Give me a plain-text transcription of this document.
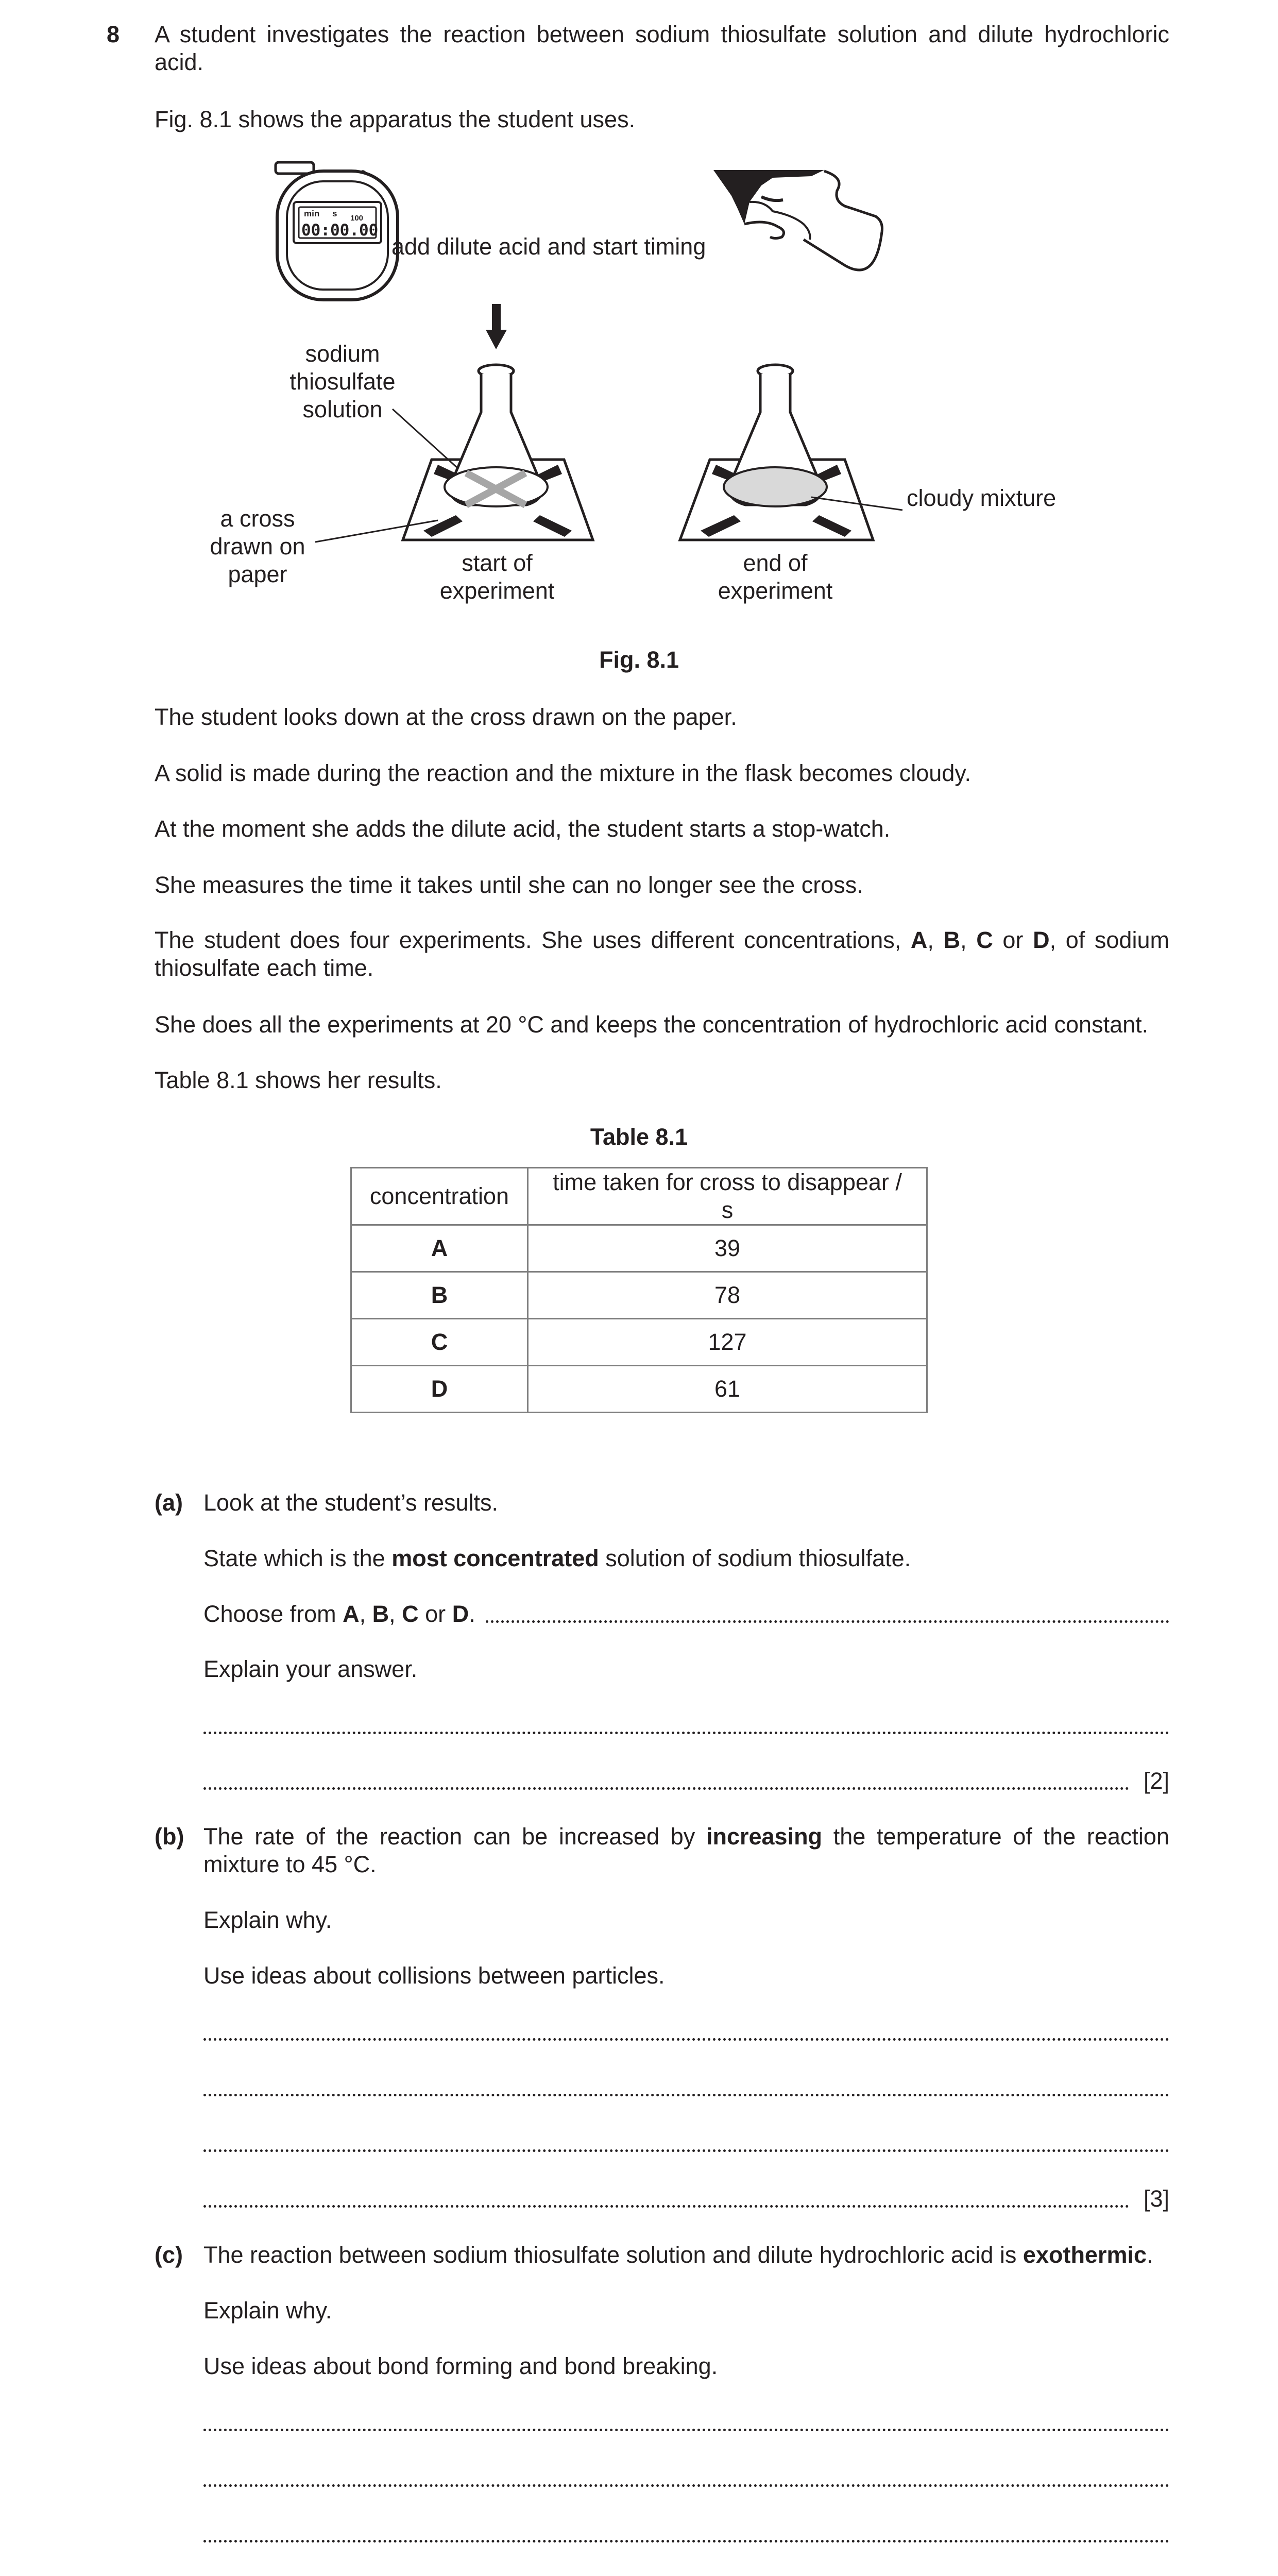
8 A student investigates the reaction between sodium thiosulfate solution and dilute hydrochloric acid.
Fig. 8.1 shows the apparatus the student uses.
min s 100
00:00.00
add dilute acid and start timing
sodium thiosulfate solution
a cross drawn on paper	start of experiment
end of experiment
cloudy mixture
Fig. 8.1
The student looks down at the cross drawn on the paper.
A solid is made during the reaction and the mixture in the flask becomes cloudy.
At the moment she adds the dilute acid, the student starts a stop-watch.
She measures the time it takes until she can no longer see the cross.
The student does four experiments. She uses different concentrations, A, B, C or D, of sodium thiosulfate each time.
She does all the experiments at 20 °C and keeps the concentration of hydrochloric acid constant.
Table 8.1 shows her results.
Table 8.1
concentration	time taken for cross to disappear / s
A	39
B	78
C	127
D	61
(a) Look at the student’s results.
State which is the most concentrated solution of sodium thiosulfate.
Choose from A, B, C or D.
Explain your answer.
[2]
(b) The rate of the reaction can be increased by increasing the temperature of the reaction mixture to 45 °C.
Explain why.
Use ideas about collisions between particles.
[3]
(c) The reaction between sodium thiosulfate solution and dilute hydrochloric acid is exothermic.
Explain why.
Use ideas about bond forming and bond breaking.
